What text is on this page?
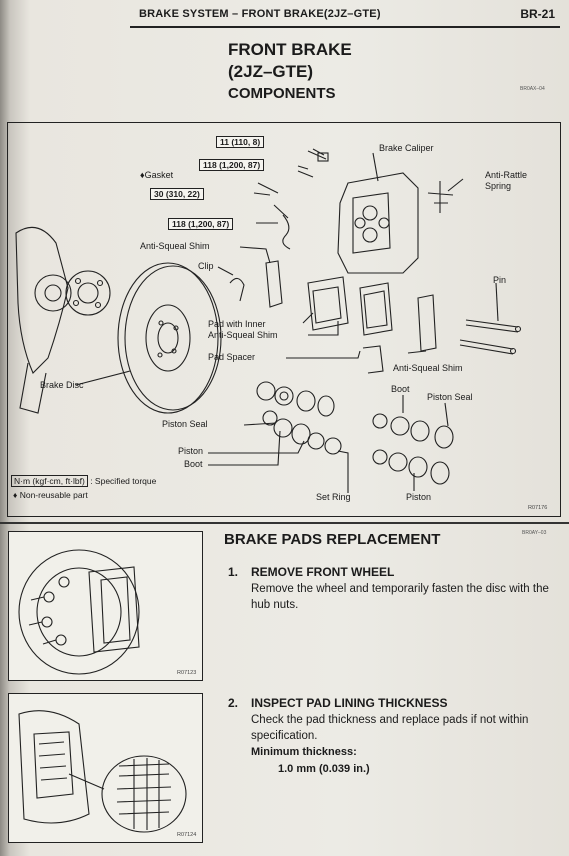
BRAKE SYSTEM – FRONT BRAKE(2JZ–GTE)	BR-21
FRONT BRAKE
(2JZ–GTE)
COMPONENTS	BR0AX–04
11 (110, 8)
118 (1,200, 87)
♦Gasket
30 (310, 22)
118 (1,200, 87)
Brake Caliper
Anti-Rattle
Spring
Anti-Squeal Shim
Clip
Pin
Pad with Inner
Anti-Squeal Shim
Pad Spacer
Anti-Squeal Shim
Brake Disc	Boot
Piston Seal
Piston Seal
Piston
Boot
Set Ring	Piston
N·m (kgf·cm, ft·lbf) : Specified torque
♦ Non-reusable part
R07176
BRAKE PADS REPLACEMENT	BR0AY–03
R07123
1. REMOVE FRONT WHEEL
Remove the wheel and temporarily fasten the disc with the hub nuts.
R07124
2. INSPECT PAD LINING THICKNESS
Check the pad thickness and replace pads if not within specification.
Minimum thickness:
1.0 mm (0.039 in.)
